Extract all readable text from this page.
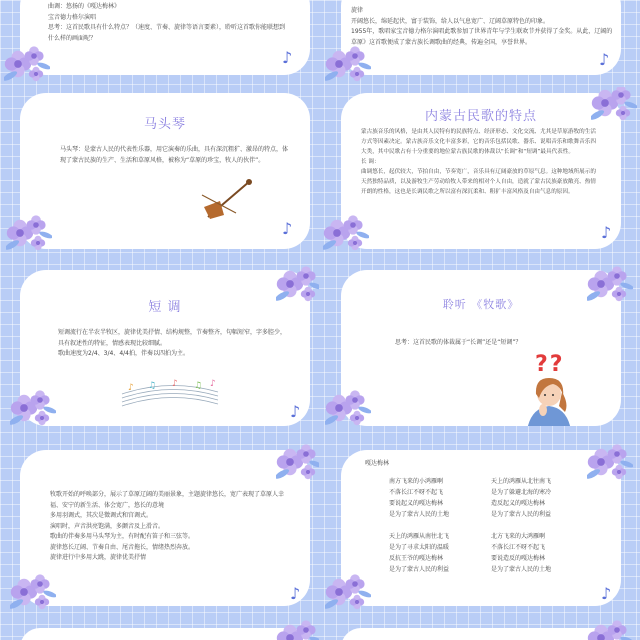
曲调：悠扬的《嘎达梅林》

宝音德力格尔演唱

思考：这首民歌具有什么特点？（速度、节奏、旋律等语言要素），聆听这首歌你能联想到什么样的画面呢？

♪

旋律

开阔悠长，绵延起伏，富于装饰，给人以气息宽广、辽阔草原特色的印象。

1955年，歌唱家宝音德力格尔演唱此歌参加了世界青年与学生联欢节并获得了金奖。从此，辽阔的草原》这首歌便成了蒙古族长调歌曲的经典，传遍全国，享誉世界。

♪
马头琴
马头琴：是蒙古人民的代表性乐器，用它演奏的乐曲，具有深沉粗犷、激昂的特点，体现了蒙古民族的生产、生活和草原风格，被称为“草原的珍宝，牧人的伙伴”。
♪
内蒙古民歌的特点

蒙古族音乐的风格，是由其人民特有的民族特点、经济形态、文化交流、尤其是草原游牧的生活方式等因素决定。蒙古族音乐文化丰富多彩，它的音乐包括民歌、器乐、说唱音乐和歌舞音乐四大类，其中民歌占有十分重要的地位蒙古族民歌的体裁以“长调”和“短调”最具代表性。

长 调：

曲调悠长，起伏较大，节拍自由，节奏宽广，音乐具有辽阔豪放的草原气息。这种地域所展示的天然独特品质，以及游牧生产劳动给牧人带来的相对个人自由，造就了蒙古民族豪放敞亮、热情开朗的性格，这也是长调民歌之所以富有深沉柔和、粗犷丰富风格及自由气息的原因。

♪
短 调

短调流行在半农半牧区，旋律优美抒情、结构规整，节奏整齐，句幅短窄，字多腔少，具有叙述性的特征，情感表现比较细腻。

歌曲速度为2/4、3/4、4/4拍，伴奏以四拍为主。

♪ ♫ ♪ ♫ ♪
♪
聆听 《牧歌》
思考：这首民歌的体裁属于“长调”还是“短调”？
??

牧歌开始的呼唤部分，展示了草原辽阔的美丽景象，主题旋律悠长，宽广表现了草原人幸福、安宁的新生活、体会宽广，悠长的意境

多用羽调式，其次是徵调式和宫调式。

演唱时，声音洪亮饱满，多颤音及上滑音。

歌曲的伴奏多用马头琴为主，有时配有笛子和三弦等。

旋律悠长辽阔、节奏自由、尾音拖长，情绪热烈奔放。

旋律进行中多用大跳，旋律优美抒情

♪
嘎达梅林

南方飞来的小鸿雁啊

不落长江不呀不起飞

要说起义的嘎达梅林

是为了蒙古人民的土地

天上的鸿雁从南往北飞

是为了寻求太阳的温暖

反抗王爷的嘎达梅林

是为了蒙古人民的利益

天上的鸿雁从北往南飞

是为了躲避北海的寒冷

造反起义的嘎达梅林

是为了蒙古人民的利益

北方飞来的大鸿雁啊

不落长江不呀不起飞

要说造反的嘎达梅林

是为了蒙古人民的土地

♪
